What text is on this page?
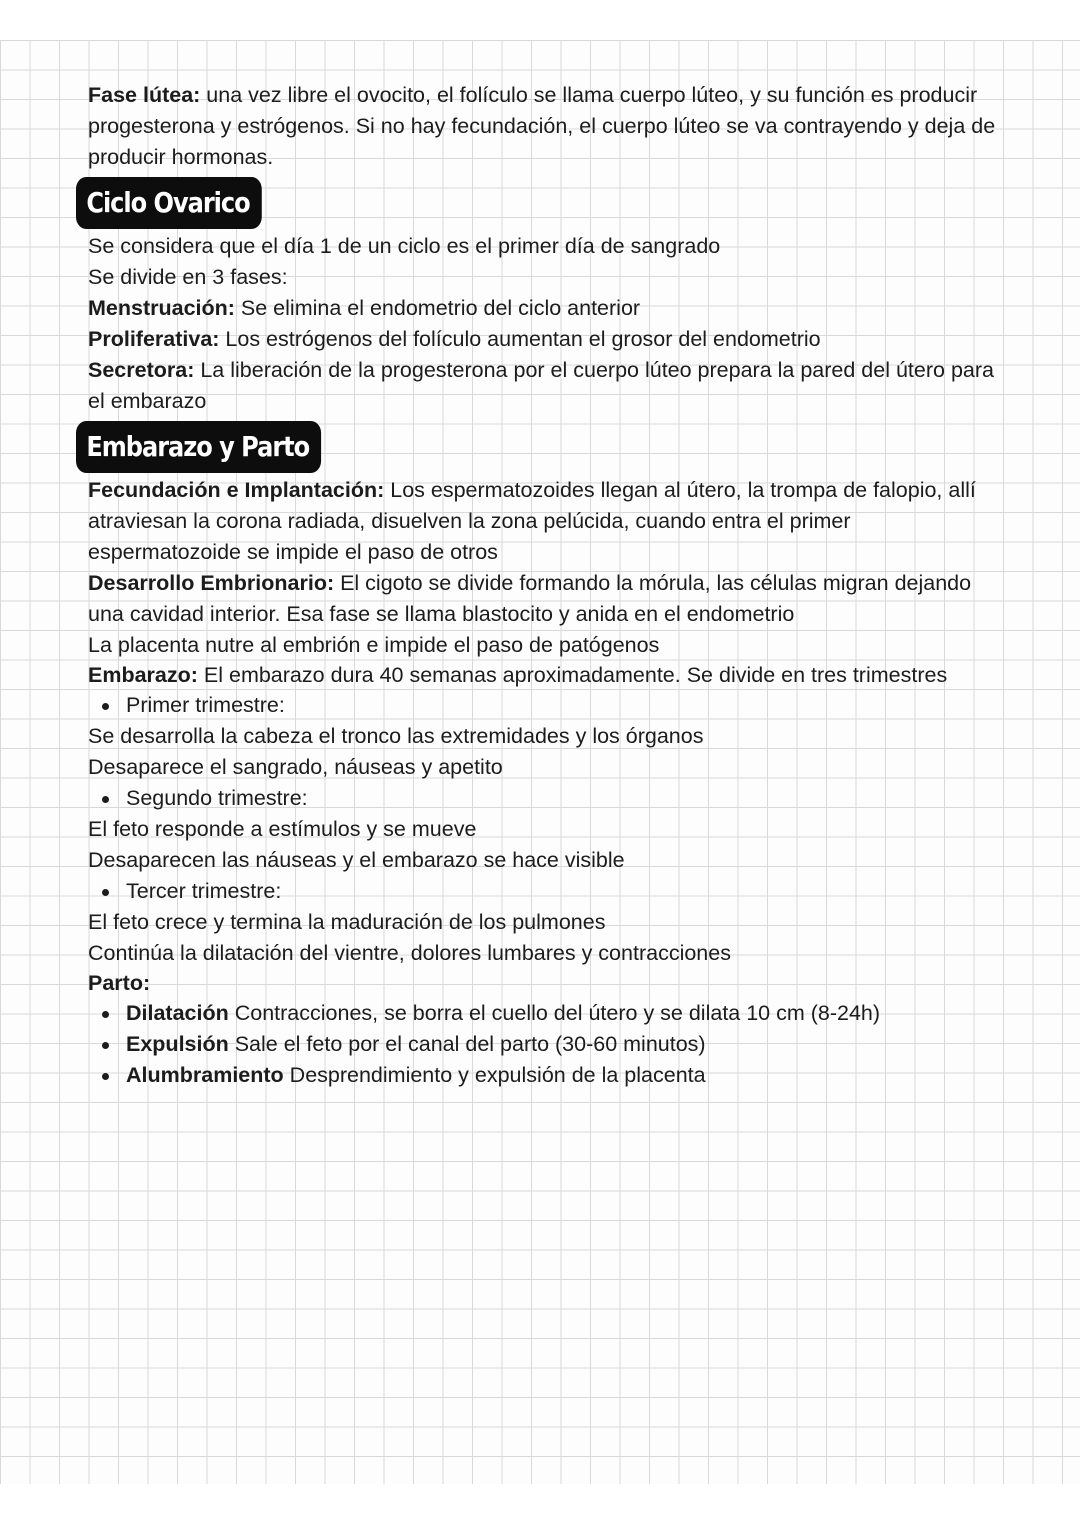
Fase lútea: una vez libre el ovocito, el folículo se llama cuerpo lúteo, y su función es producir progesterona y estrógenos. Si no hay fecundación, el cuerpo lúteo se va contrayendo y deja de producir hormonas.
Ciclo Ovarico
Se considera que el día 1 de un ciclo es el primer día de sangrado
Se divide en 3 fases:
Menstruación: Se elimina el endometrio del ciclo anterior
Proliferativa: Los estrógenos del folículo aumentan el grosor del endometrio
Secretora: La liberación de la progesterona por el cuerpo lúteo prepara la pared del útero para el embarazo
Embarazo y Parto
Fecundación e Implantación: Los espermatozoides llegan al útero, la trompa de falopio, allí atraviesan la corona radiada, disuelven la zona pelúcida, cuando entra el primer espermatozoide se impide el paso de otros
Desarrollo Embrionario: El cigoto se divide formando la mórula, las células migran dejando una cavidad interior. Esa fase se llama blastocito y anida en el endometrio
La placenta nutre al embrión e impide el paso de patógenos
Embarazo: El embarazo dura 40 semanas aproximadamente. Se divide en tres trimestres
Primer trimestre:
Se desarrolla la cabeza el tronco las extremidades y los órganos
Desaparece el sangrado, náuseas y apetito
Segundo trimestre:
El feto responde a estímulos y se mueve
Desaparecen las náuseas y el embarazo se hace visible
Tercer trimestre:
El feto crece y termina la maduración de los pulmones
Continúa la dilatación del vientre, dolores lumbares y contracciones
Parto:
Dilatación Contracciones, se borra el cuello del útero y se dilata 10 cm (8-24h)
Expulsión Sale el feto por el canal del parto (30-60 minutos)
Alumbramiento Desprendimiento y expulsión de la placenta
